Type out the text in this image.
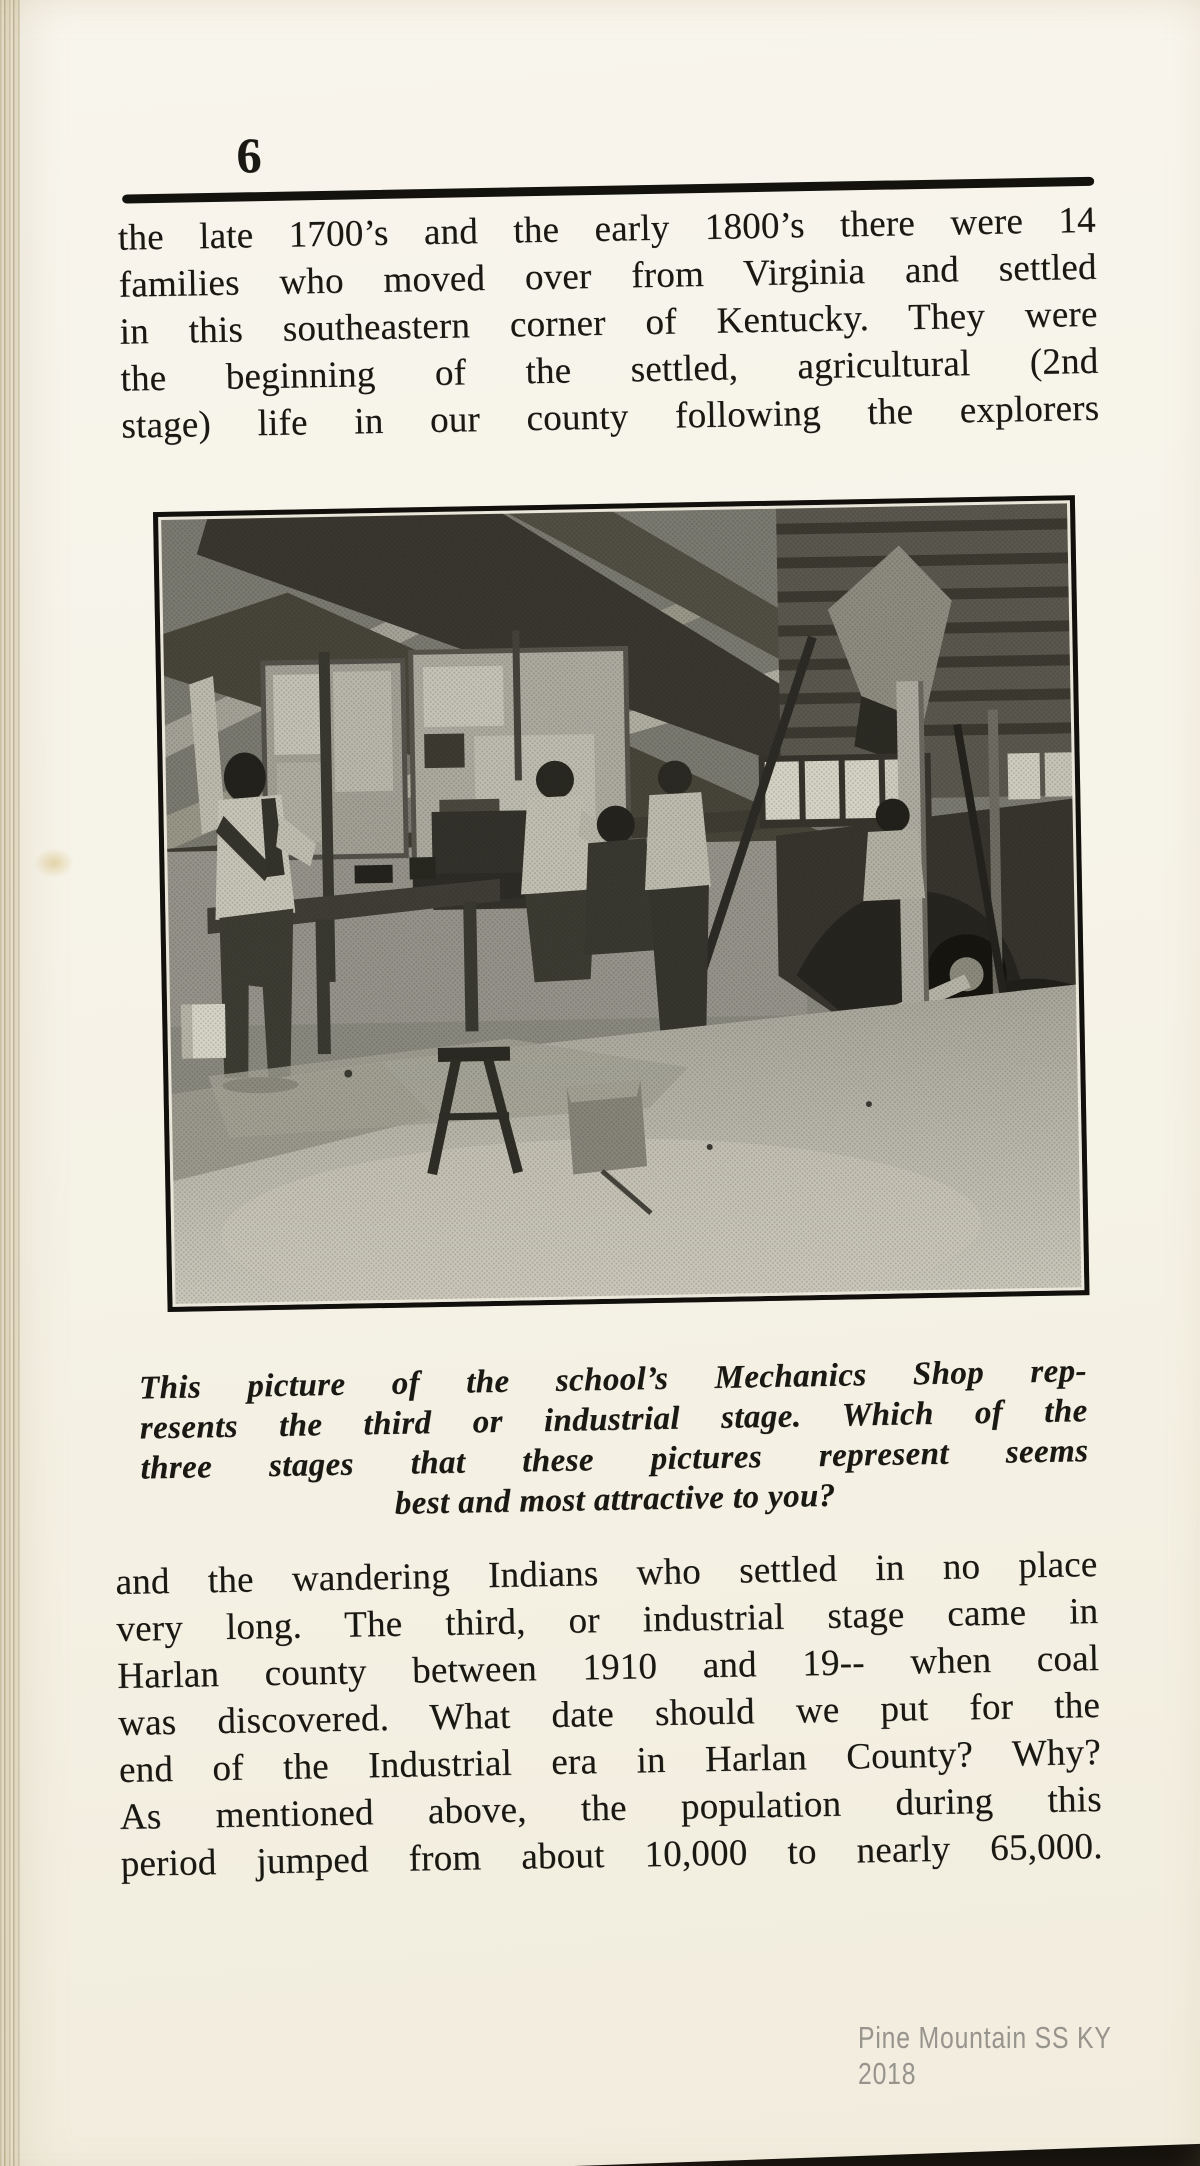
6
the late 1700’s and the early 1800’s there were 14
families who moved over from Virginia and settled
in this southeastern corner of Kentucky. They were
the beginning of the settled, agricultural (2nd
stage) life in our county following the explorers
This picture of the school’s Mechanics Shop rep-
resents the third or industrial stage. Which of the
three stages that these pictures represent seems
best and most attractive to you?
and the wandering Indians who settled in no place
very long. The third, or industrial stage came in
Harlan county between 1910 and 19-- when coal
was discovered. What date should we put for the
end of the Industrial era in Harlan County? Why?
As mentioned above, the population during this
period jumped from about 10,000 to nearly 65,000.
Pine Mountain SS KY 2018
